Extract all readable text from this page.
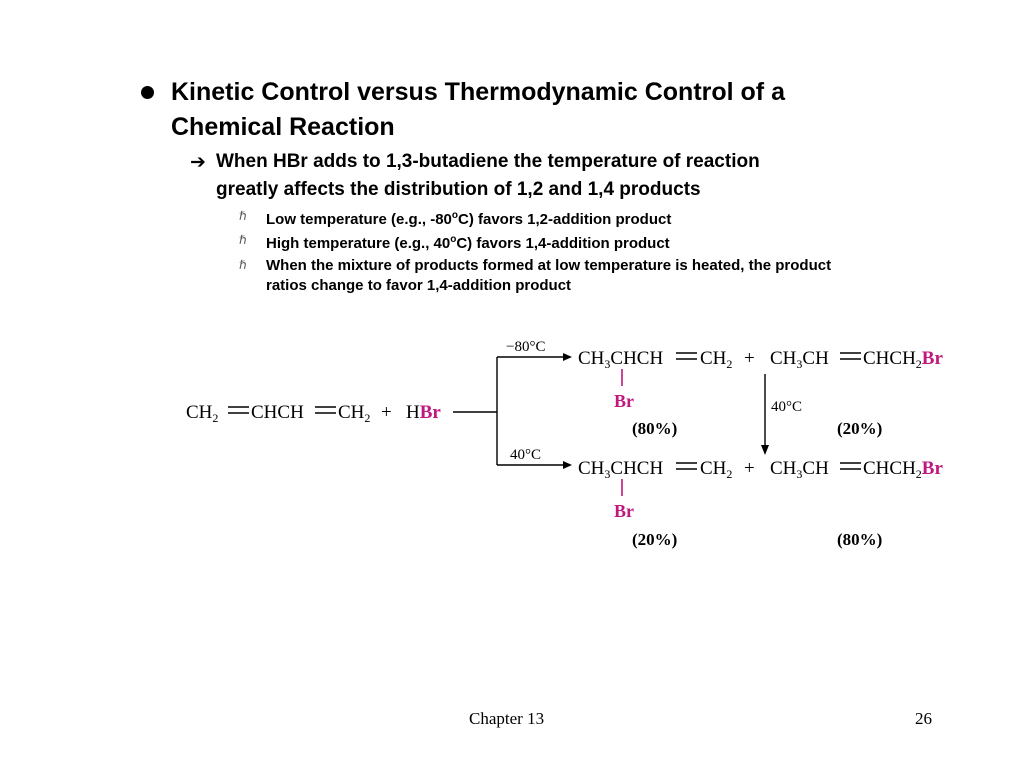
Kinetic Control versus Thermodynamic Control of a
Chemical Reaction
➔ When HBr adds to 1,3-butadiene the temperature of reaction
greatly affects the distribution of 1,2 and 1,4 products
ℏ Low temperature (e.g., -80$^o$C) favors 1,2-addition product
ℏ High temperature (e.g., 40$^o$C) favors 1,4-addition product
ℏ When the mixture of products formed at low temperature is heated, the product
ratios change to favor 1,4-addition product
$CH_2$ CHCH $CH_2$ + HBr
−80°C
40°C
$CH_3CHCH$ $CH_2$
Br
+ $CH_3CH$ $CHCH_2Br$
(80%)	(20%)
40°C
$CH_3CHCH$ $CH_2$
Br
+ $CH_3CH$ $CHCH_2Br$
(20%)	(80%)
Chapter 13	26
